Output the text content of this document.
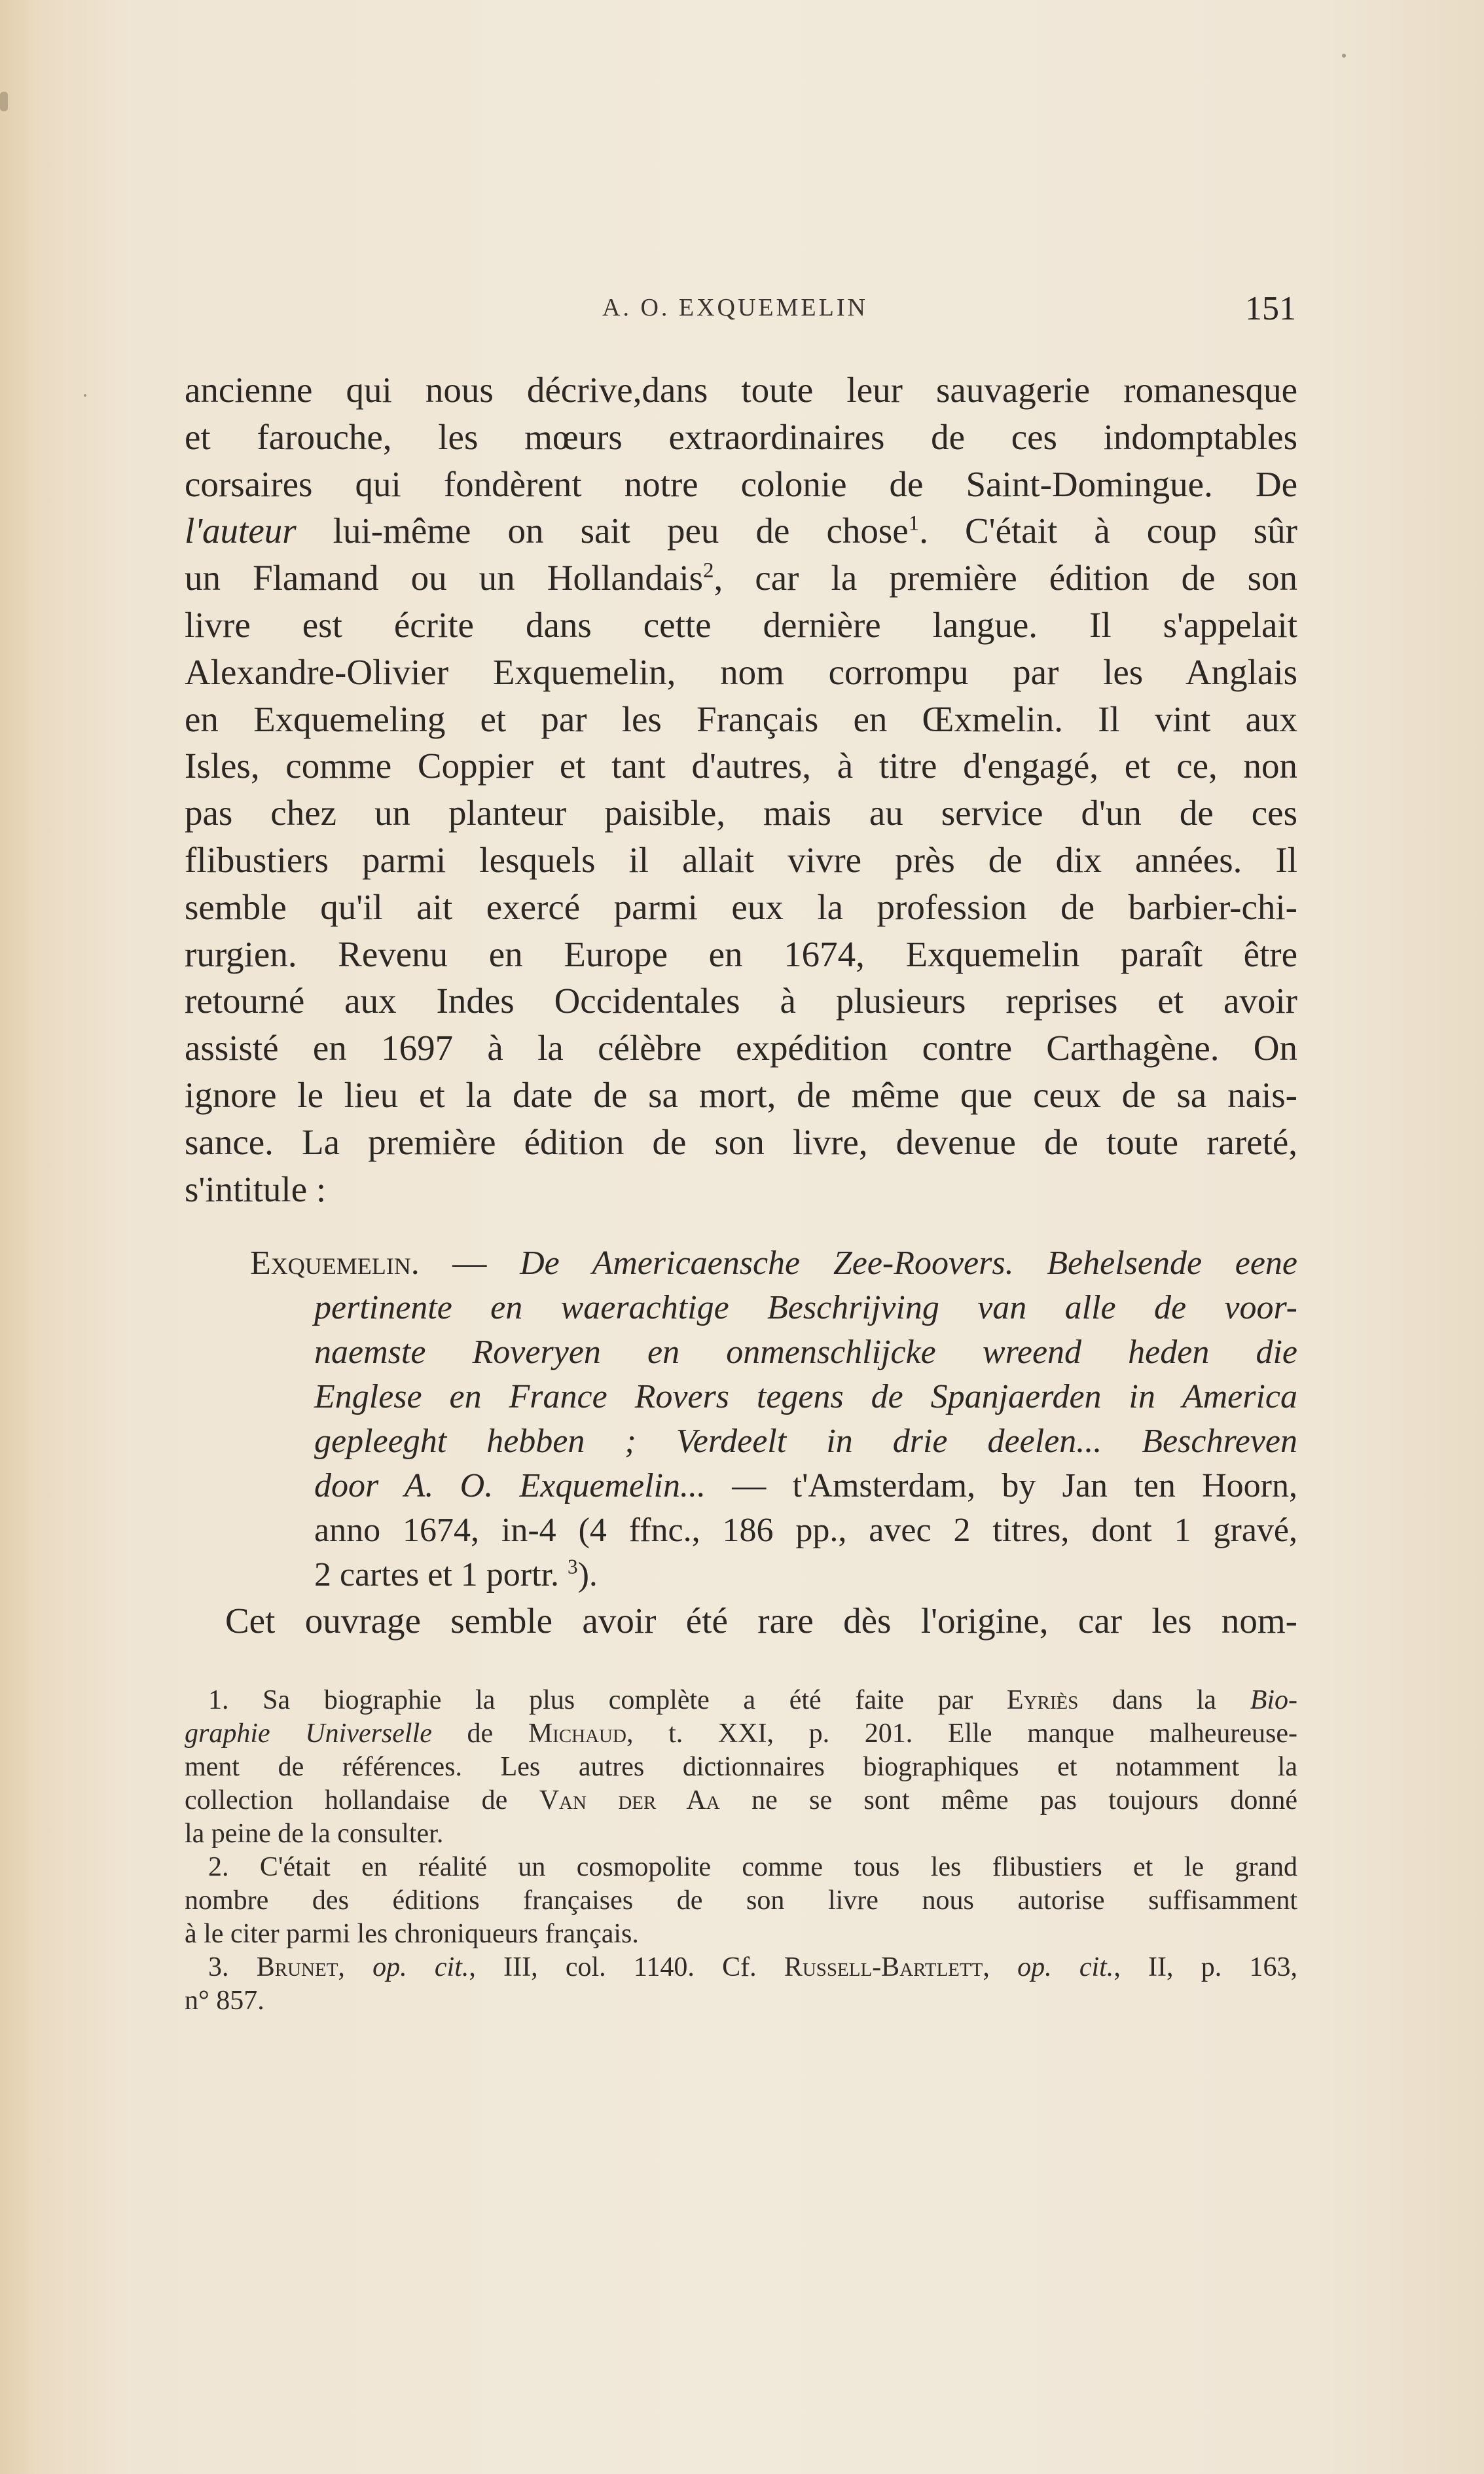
A. O. EXQUEMELIN	151
ancienne qui nous décrive,dans toute leur sauvagerie romanesque
et farouche, les mœurs extraordinaires de ces indomptables
corsaires qui fondèrent notre colonie de Saint-Domingue. De
l'auteur lui-même on sait peu de chose$^1$. C'était à coup sûr
un Flamand ou un Hollandais$^2$, car la première édition de son
livre est écrite dans cette dernière langue. Il s'appelait
Alexandre-Olivier Exquemelin, nom corrompu par les Anglais
en Exquemeling et par les Français en Œxmelin. Il vint aux
Isles, comme Coppier et tant d'autres, à titre d'engagé, et ce, non
pas chez un planteur paisible, mais au service d'un de ces
flibustiers parmi lesquels il allait vivre près de dix années. Il
semble qu'il ait exercé parmi eux la profession de barbier-chi-
rurgien. Revenu en Europe en 1674, Exquemelin paraît être
retourné aux Indes Occidentales à plusieurs reprises et avoir
assisté en 1697 à la célèbre expédition contre Carthagène. On
ignore le lieu et la date de sa mort, de même que ceux de sa nais-
sance. La première édition de son livre, devenue de toute rareté,
s'intitule :
Exquemelin. — De Americaensche Zee-Roovers. Behelsende eene
pertinente en waerachtige Beschrijving van alle de voor-
naemste Roveryen en onmenschlijcke wreend heden die
Englese en France Rovers tegens de Spanjaerden in America
gepleeght hebben ; Verdeelt in drie deelen... Beschreven
door A. O. Exquemelin... — t'Amsterdam, by Jan ten Hoorn,
anno 1674, in-4 (4 ffnc., 186 pp., avec 2 titres, dont 1 gravé,
2 cartes et 1 portr. $^3$).
Cet ouvrage semble avoir été rare dès l'origine, car les nom-
1. Sa biographie la plus complète a été faite par Eyriès dans la Bio-
graphie Universelle de Michaud, t. XXI, p. 201. Elle manque malheureuse-
ment de références. Les autres dictionnaires biographiques et notamment la
collection hollandaise de Van der Aa ne se sont même pas toujours donné
la peine de la consulter.
2. C'était en réalité un cosmopolite comme tous les flibustiers et le grand
nombre des éditions françaises de son livre nous autorise suffisamment
à le citer parmi les chroniqueurs français.
3. Brunet, op. cit., III, col. 1140. Cf. Russell-Bartlett, op. cit., II, p. 163,
n° 857.
